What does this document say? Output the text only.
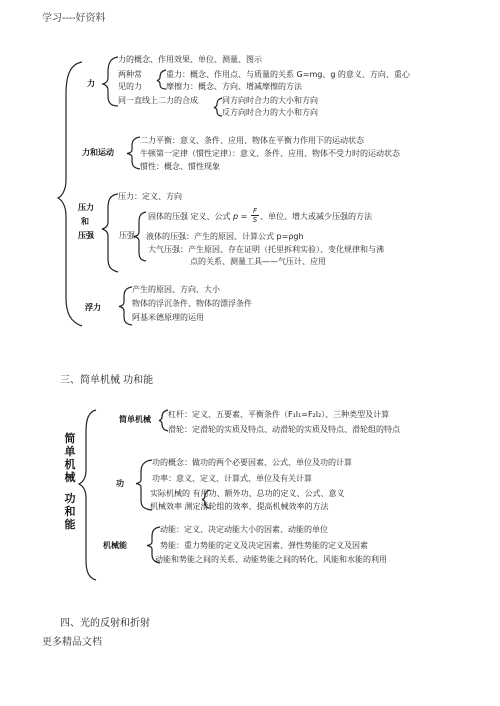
学习----好资料
力
力和运动
压力
和
压强
浮力
力的概念、作用效果、单位、测量、图示
两种常
见的力
同一直线上二力的合成
重力：概念、作用点、与质量的关系 G=mg、g 的意义、方向、重心
摩擦力：概念、方向、增减摩擦的方法
同方向时合力的大小和方向
反方向时合力的大小和方向
二力平衡：意义、条件、应用、物体在平衡力作用下的运动状态
牛顿第一定律（惯性定律）：意义、条件、应用、物体不受力时的运动状态
惯性：概念、惯性现象
压力：定义、方向
压强
固体的压强 定义、公式 $p = \frac{F}{S}$ 、单位、增大或减少压强的方法
液体的压强：产生的原因、计算公式 p=ρgh
大气压强：产生原因、存在证明（托里拆利实验）、变化规律和与沸
点的关系、测量工具——气压计、应用
产生的原因、方向、大小
物体的浮沉条件、物体的漂浮条件
阿基米德原理的运用
三、简单机械 功和能
简
单
机
械
功
和
能
简单机械
杠杆：定义、五要素、平衡条件（F₁l₁=F₂l₂）、三种类型及计算
滑轮：定滑轮的实质及特点、动滑轮的实质及特点、滑轮组的特点
功
功的概念：做功的两个必要因素、公式、单位及功的计算
功率：意义、定义、计算式、单位及有关计算
实际机械的 有用功、额外功、总功的定义、公式、意义
机械效率 测定滑轮组的效率、提高机械效率的方法
机械能
动能：定义、决定动能大小的因素、动能的单位
势能：重力势能的定义及决定因素、弹性势能的定义及因素
动能和势能之间的关系、动能势能之间的转化、风能和水能的利用
四、光的反射和折射
更多精品文档
